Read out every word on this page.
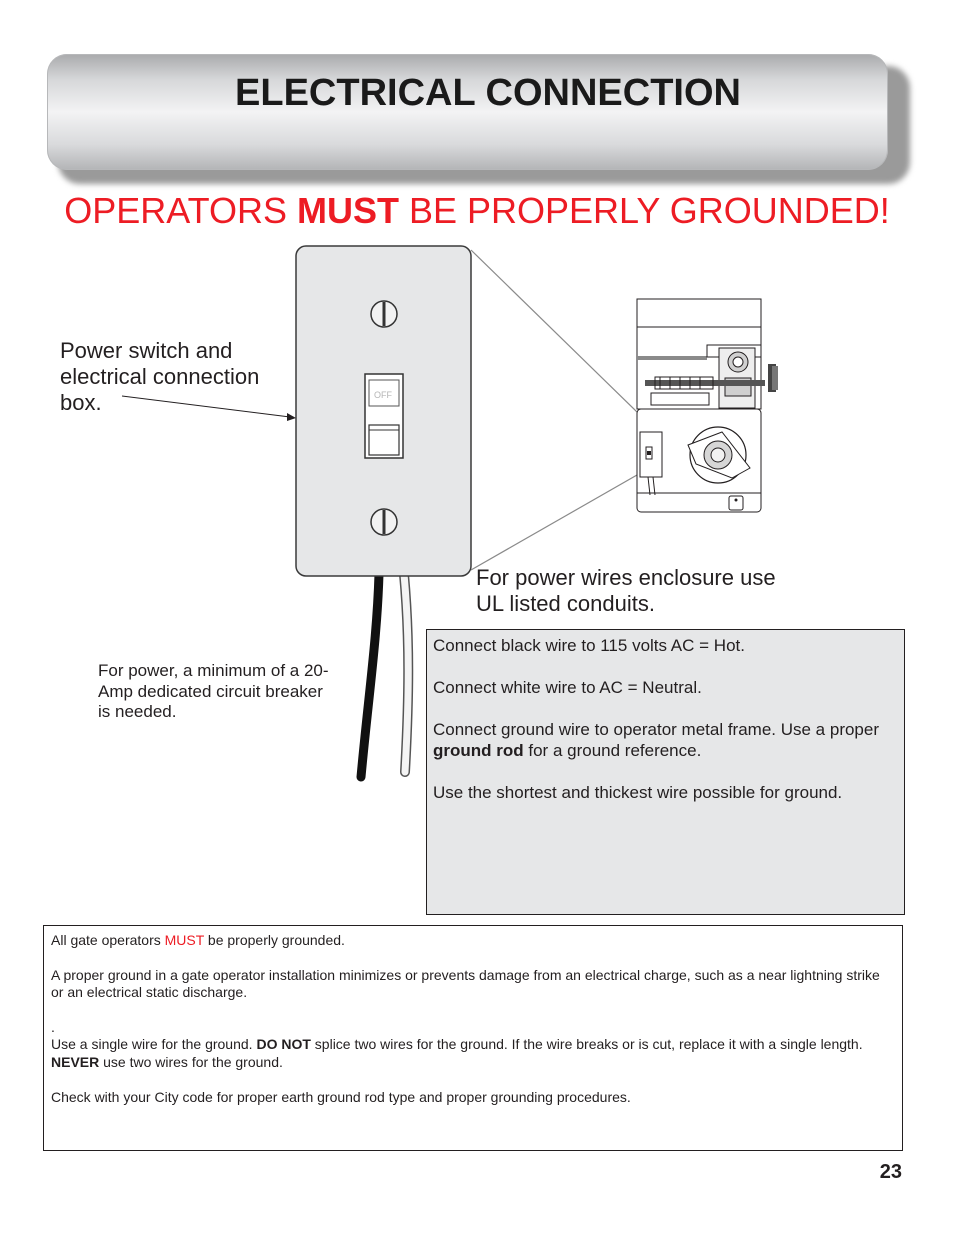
ELECTRICAL CONNECTION
OPERATORS MUST BE PROPERLY GROUNDED!
OFF
Power switch and electrical connection box.
For power wires enclosure use UL listed conduits.
For power, a minimum of a 20-Amp dedicated circuit breaker is needed.

Connect black wire to 115 volts AC = Hot.

Connect white wire to AC = Neutral.

Connect ground wire to operator metal frame. Use a proper ground rod for a ground reference.

Use the shortest and thickest wire possible for ground.

All gate operators MUST be properly grounded.

A proper ground in a gate operator installation minimizes or prevents damage from an electrical charge, such as a near lightning strike or an electrical static discharge.

.

Use a single wire for the ground. DO NOT splice two wires for the ground. If the wire breaks or is cut, replace it with a single length. NEVER use two wires for the ground.

Check with your City code for proper earth ground rod type and proper grounding procedures.

23
